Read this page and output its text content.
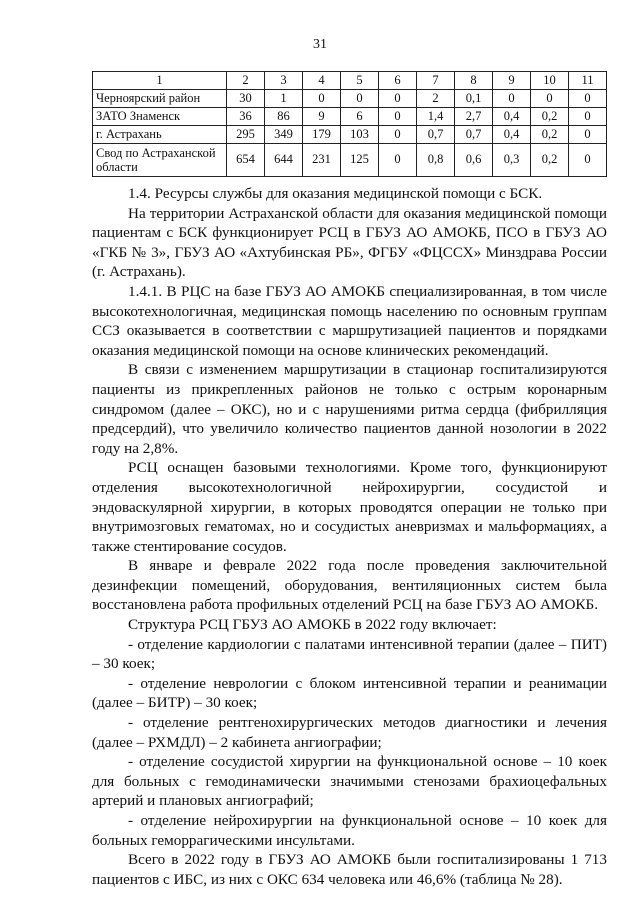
31
1	2	3	4	5	6	7	8	9	10	11
Черноярский район	30	1	0	0	0	2	0,1	0	0	0
ЗАТО Знаменск	36	86	9	6	0	1,4	2,7	0,4	0,2	0
г. Астрахань	295	349	179	103	0	0,7	0,7	0,4	0,2	0
Свод по Астраханской области	654	644	231	125	0	0,8	0,6	0,3	0,2	0

1.4. Ресурсы службы для оказания медицинской помощи с БСК.

На территории Астраханской области для оказания медицинской помощи пациентам с БСК функционирует РСЦ в ГБУЗ АО АМОКБ, ПСО в ГБУЗ АО «ГКБ № 3», ГБУЗ АО «Ахтубинская РБ», ФГБУ «ФЦССХ» Минздрава России (г. Астрахань).

1.4.1. В РЦС на базе ГБУЗ АО АМОКБ специализированная, в том числе высокотехнологичная, медицинская помощь населению по основным группам ССЗ оказывается в соответствии с маршрутизацией пациентов и порядками оказания медицинской помощи на основе клинических рекомендаций.

В связи с изменением маршрутизации в стационар госпитализируются пациенты из прикрепленных районов не только с острым коронарным синдромом (далее – ОКС), но и с нарушениями ритма сердца (фибрилляция предсердий), что увеличило количество пациентов данной нозологии в 2022 году на 2,8%.

РСЦ оснащен базовыми технологиями. Кроме того, функционируют отделения высокотехнологичной нейрохирургии, сосудистой и эндоваскулярной хирургии, в которых проводятся операции не только при внутримозговых гематомах, но и сосудистых аневризмах и мальформациях, а также стентирование сосудов.

В январе и феврале 2022 года после проведения заключительной дезинфекции помещений, оборудования, вентиляционных систем была восстановлена работа профильных отделений РСЦ на базе ГБУЗ АО АМОКБ.

Структура РСЦ ГБУЗ АО АМОКБ в 2022 году включает:

- отделение кардиологии с палатами интенсивной терапии (далее – ПИТ) – 30 коек;

- отделение неврологии с блоком интенсивной терапии и реанимации (далее – БИТР) – 30 коек;

- отделение рентгенохирургических методов диагностики и лечения (далее – РХМДЛ) – 2 кабинета ангиографии;

- отделение сосудистой хирургии на функциональной основе – 10 коек для больных с гемодинамически значимыми стенозами брахиоцефальных артерий и плановых ангиографий;

- отделение нейрохирургии на функциональной основе – 10 коек для больных геморрагическими инсультами.

Всего в 2022 году в ГБУЗ АО АМОКБ были госпитализированы 1 713 пациентов с ИБС, из них с ОКС 634 человека или 46,6% (таблица № 28).
